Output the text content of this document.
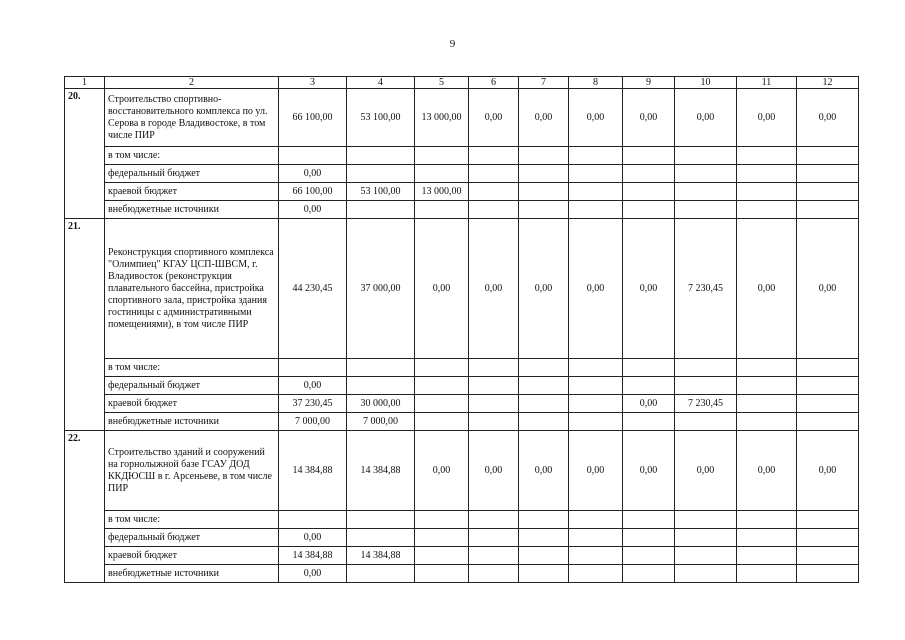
9
1	2	3	4	5	6	7	8	9	10	11	12
20.	Строительство спортивно-восстановительного комплекса по ул. Серова в городе Владивостоке, в том числе ПИР	66 100,00	53 100,00	13 000,00	0,00	0,00	0,00	0,00	0,00	0,00	0,00
	в том числе:										
	федеральный бюджет	0,00									
	краевой бюджет	66 100,00	53 100,00	13 000,00							
	внебюджетные источники	0,00									
21.	Реконструкция спортивного комплекса "Олимпиец" КГАУ ЦСП-ШВСМ, г. Владивосток (реконструкция плавательного бассейна, пристройка спортивного зала, пристройка здания гостиницы с административными помещениями), в том числе ПИР	44 230,45	37 000,00	0,00	0,00	0,00	0,00	0,00	7 230,45	0,00	0,00
	в том числе:										
	федеральный бюджет	0,00									
	краевой бюджет	37 230,45	30 000,00					0,00	7 230,45		
	внебюджетные источники	7 000,00	7 000,00								
22.	Строительство зданий и сооружений на горнолыжной базе ГСАУ ДОД ККДЮСШ в г. Арсеньеве, в том числе ПИР	14 384,88	14 384,88	0,00	0,00	0,00	0,00	0,00	0,00	0,00	0,00
	в том числе:										
	федеральный бюджет	0,00									
	краевой бюджет	14 384,88	14 384,88								
	внебюджетные источники	0,00									
